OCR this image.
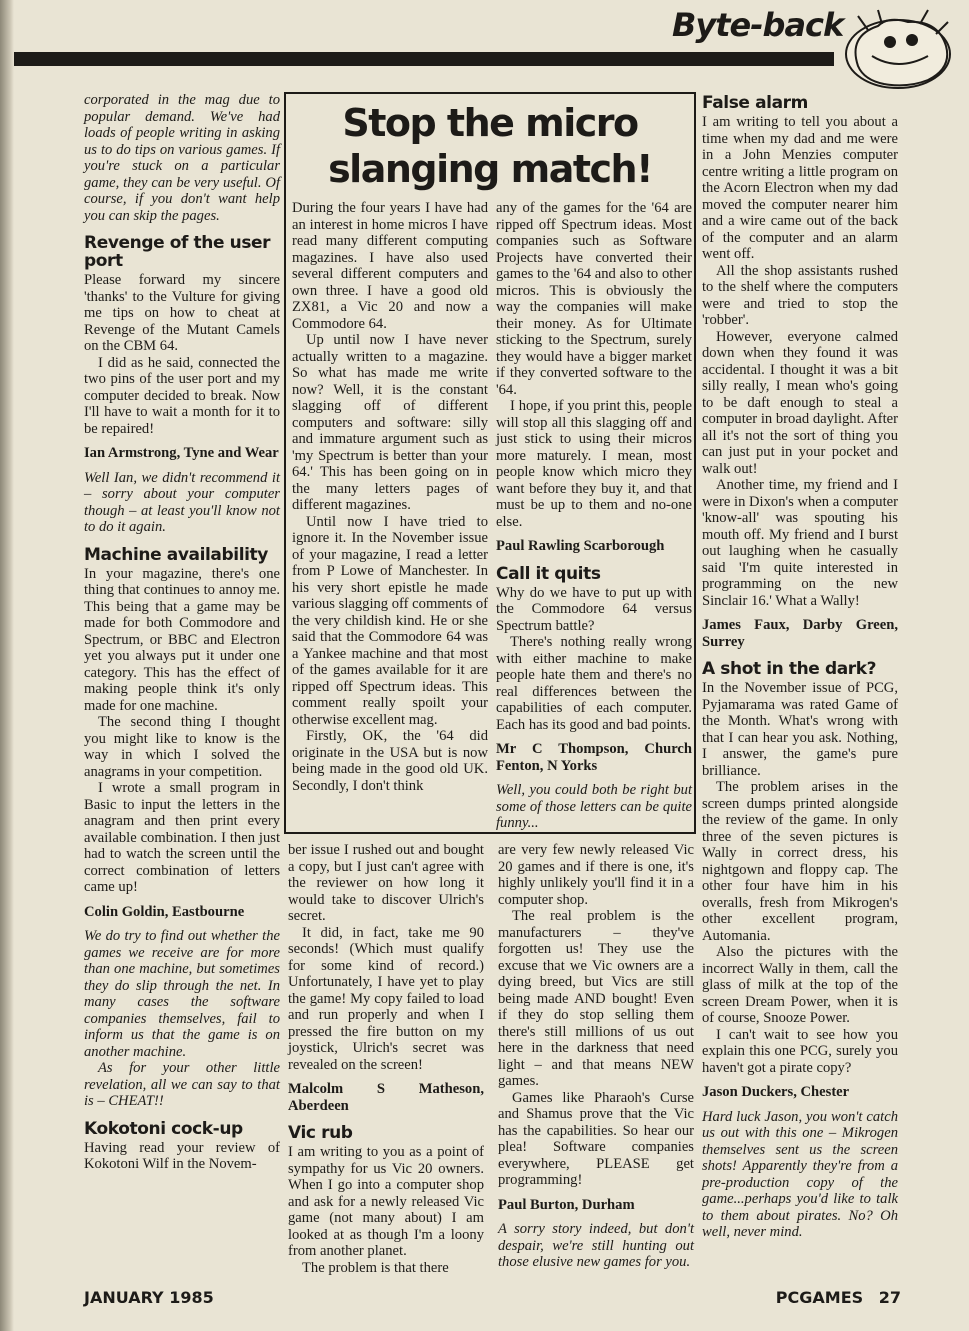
Byte-back

corporated in the mag due to popular demand. We've had loads of people writing in asking us to do tips on various games. If you're stuck on a particular game, they can be very useful. Of course, if you don't want help you can skip the pages.

Revenge of the user port

Please forward my sincere 'thanks' to the Vulture for giving me tips on how to cheat at Revenge of the Mutant Camels on the CBM 64.

I did as he said, connected the two pins of the user port and my computer decided to break. Now I'll have to wait a month for it to be repaired!

Ian Armstrong, Tyne and Wear

Well Ian, we didn't recommend it – sorry about your computer though – at least you'll know not to do it again.

Machine availability

In your magazine, there's one thing that continues to annoy me. This being that a game may be made for both Commodore and Spectrum, or BBC and Electron yet you always put it under one category. This has the effect of making people think it's only made for one machine.

The second thing I thought you might like to know is the way in which I solved the anagrams in your competition.

I wrote a small program in Basic to input the letters in the anagram and then print every available combination. I then just had to watch the screen until the correct combination of letters came up!

Colin Goldin, Eastbourne

We do try to find out whether the games we receive are for more than one machine, but sometimes they do slip through the net. In many cases the software companies themselves, fail to inform us that the game is on another machine.

As for your other little revelation, all we can say to that is – CHEAT!!

Kokotoni cock-up

Having read your review of Kokotoni Wilf in the Novem-

Stop the micro slanging match!

During the four years I have had an interest in home micros I have read many different computing magazines. I have also used several different computers and own three. I have a good old ZX81, a Vic 20 and now a Commodore 64.

Up until now I have never actually written to a magazine. So what has made me write now? Well, it is the constant slagging off of different computers and software: silly and immature argument such as 'my Spectrum is better than your 64.' This has been going on in the many letters pages of different magazines.

Until now I have tried to ignore it. In the November issue of your magazine, I read a letter from P Lowe of Manchester. In his very short epistle he made various slagging off comments of the very childish kind. He or she said that the Commodore 64 was a Yankee machine and that most of the games available for it are ripped off Spectrum ideas. This comment really spoilt your otherwise excellent mag.

Firstly, OK, the '64 did originate in the USA but is now being made in the good old UK. Secondly, I don't think

any of the games for the '64 are ripped off Spectrum ideas. Most companies such as Software Projects have converted their games to the '64 and also to other micros. This is obviously the way the companies will make their money. As for Ultimate sticking to the Spectrum, surely they would have a bigger market if they converted software to the '64.

I hope, if you print this, people will stop all this slagging off and just stick to using their micros more maturely. I mean, most people know which micro they want before they buy it, and that must be up to them and no-one else.

Paul Rawling Scarborough

Call it quits

Why do we have to put up with the Commodore 64 versus Spectrum battle?

There's nothing really wrong with either machine to make people hate them and there's no real differences between the capabilities of each computer. Each has its good and bad points.

Mr C Thompson, Church Fenton, N Yorks

Well, you could both be right but some of those letters can be quite funny...

ber issue I rushed out and bought a copy, but I just can't agree with the reviewer on how long it would take to discover Ulrich's secret.

It did, in fact, take me 90 seconds! (Which must qualify for some kind of record.) Unfortunately, I have yet to play the game! My copy failed to load and run properly and when I pressed the fire button on my joystick, Ulrich's secret was revealed on the screen!

Malcolm S Matheson, Aberdeen

Vic rub

I am writing to you as a point of sympathy for us Vic 20 owners. When I go into a computer shop and ask for a newly released Vic game (not many about) I am looked at as though I'm a loony from another planet.

The problem is that there

are very few newly released Vic 20 games and if there is one, it's highly unlikely you'll find it in a computer shop.

The real problem is the manufacturers – they've forgotten us! They use the excuse that we Vic owners are a dying breed, but Vics are still being made AND bought! Even if they do stop selling them there's still millions of us out here in the darkness that need light – and that means NEW games.

Games like Pharaoh's Curse and Shamus prove that the Vic has the capabilities. So hear our plea! Software companies everywhere, PLEASE get programming!

Paul Burton, Durham

A sorry story indeed, but don't despair, we're still hunting out those elusive new games for you.

False alarm

I am writing to tell you about a time when my dad and me were in a John Menzies computer centre writing a little program on the Acorn Electron when my dad moved the computer nearer him and a wire came out of the back of the computer and an alarm went off.

All the shop assistants rushed to the shelf where the computers were and tried to stop the 'robber'.

However, everyone calmed down when they found it was accidental. I thought it was a bit silly really, I mean who's going to be daft enough to steal a computer in broad daylight. After all it's not the sort of thing you can just put in your pocket and walk out!

Another time, my friend and I were in Dixon's when a computer 'know-all' was spouting his mouth off. My friend and I burst out laughing when he casually said 'I'm quite interested in programming on the new Sinclair 16.' What a Wally!

James Faux, Darby Green, Surrey

A shot in the dark?

In the November issue of PCG, Pyjamarama was rated Game of the Month. What's wrong with that I can hear you ask. Nothing, I answer, the game's pure brilliance.

The problem arises in the screen dumps printed alongside the review of the game. In only three of the seven pictures is Wally in correct dress, his nightgown and floppy cap. The other four have him in his overalls, fresh from Mikrogen's other excellent program, Automania.

Also the pictures with the incorrect Wally in them, call the glass of milk at the top of the screen Dream Power, when it is of course, Snooze Power.

I can't wait to see how you explain this one PCG, surely you haven't got a pirate copy?

Jason Duckers, Chester

Hard luck Jason, you won't catch us out with this one – Mikrogen themselves sent us the screen shots! Apparently they're from a pre-production copy of the game...perhaps you'd like to talk to them about pirates. No? Oh well, never mind.

JANUARY 1985	PCGAMES 27
